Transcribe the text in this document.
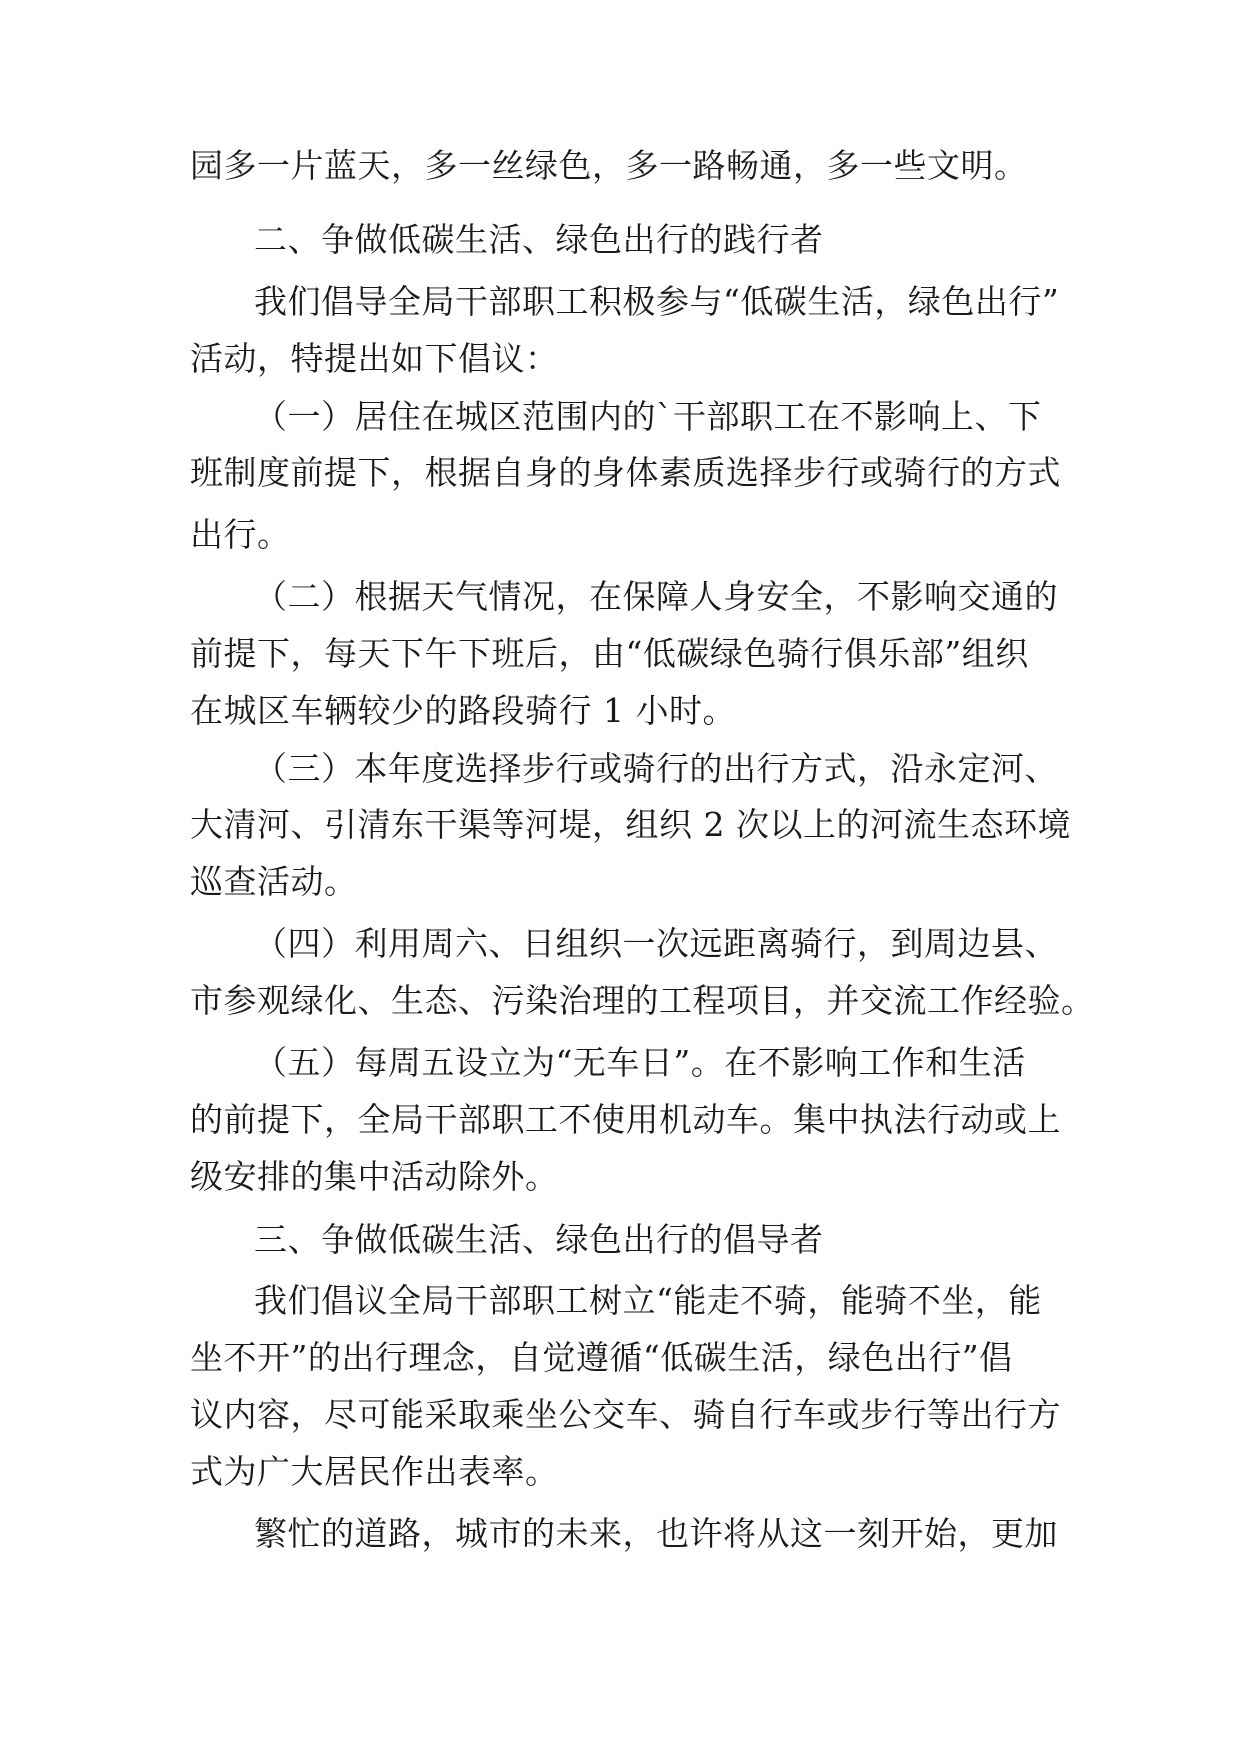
园多一片蓝天，多一丝绿色，多一路畅通，多一些文明。
二、争做低碳生活、绿色出行的践行者
我们倡导全局干部职工积极参与“低碳生活，绿色出行”
活动，特提出如下倡议：
（一）居住在城区范围内的`干部职工在不影响上、下
班制度前提下，根据自身的身体素质选择步行或骑行的方式
出行。
（二）根据天气情况，在保障人身安全，不影响交通的
前提下，每天下午下班后，由“低碳绿色骑行俱乐部”组织
在城区车辆较少的路段骑行 1 小时。
（三）本年度选择步行或骑行的出行方式，沿永定河、
大清河、引清东干渠等河堤，组织 2 次以上的河流生态环境
巡查活动。
（四）利用周六、日组织一次远距离骑行，到周边县、
市参观绿化、生态、污染治理的工程项目，并交流工作经验。
（五）每周五设立为“无车日”。在不影响工作和生活
的前提下，全局干部职工不使用机动车。集中执法行动或上
级安排的集中活动除外。
三、争做低碳生活、绿色出行的倡导者
我们倡议全局干部职工树立“能走不骑，能骑不坐，能
坐不开”的出行理念，自觉遵循“低碳生活，绿色出行”倡
议内容，尽可能采取乘坐公交车、骑自行车或步行等出行方
式为广大居民作出表率。
繁忙的道路，城市的未来，也许将从这一刻开始，更加
